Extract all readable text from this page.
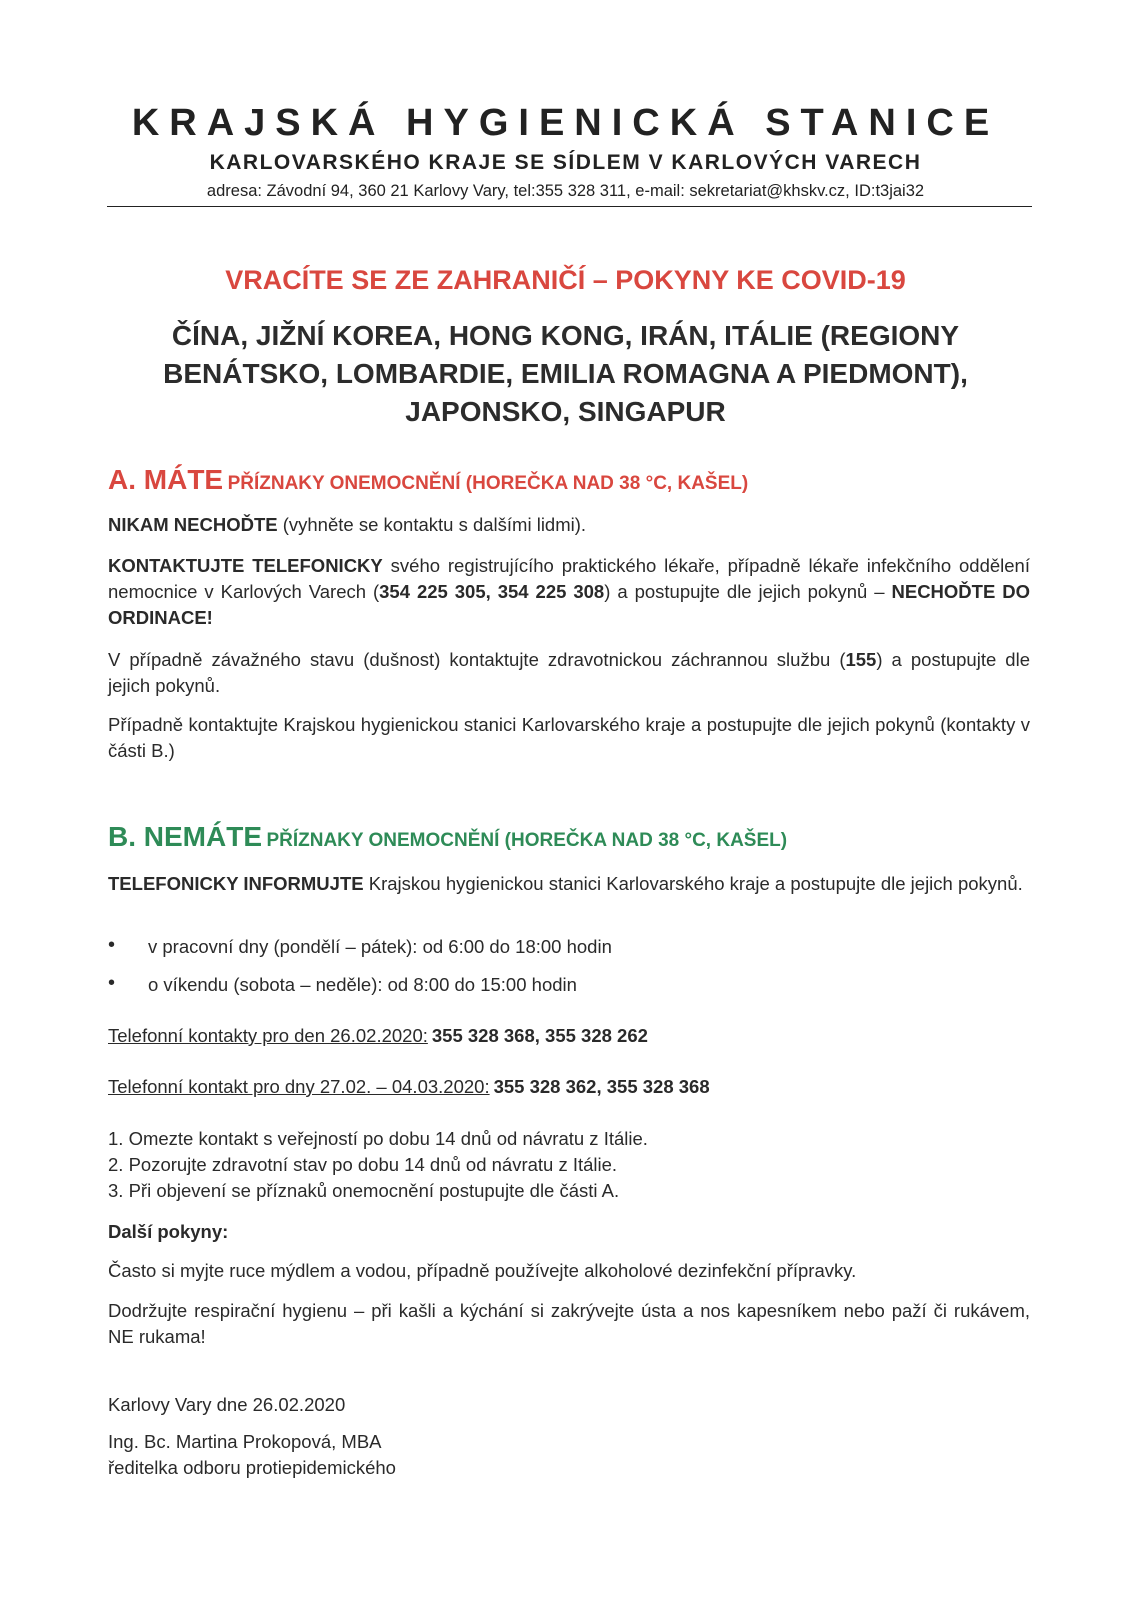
KRAJSKÁ HYGIENICKÁ STANICE
KARLOVARSKÉHO KRAJE SE SÍDLEM V KARLOVÝCH VARECH
adresa: Závodní 94, 360 21 Karlovy Vary, tel:355 328 311, e-mail: sekretariat@khskv.cz, ID:t3jai32
VRACÍTE SE ZE ZAHRANIČÍ – POKYNY KE COVID-19
ČÍNA, JIŽNÍ KOREA, HONG KONG, IRÁN, ITÁLIE (REGIONY
BENÁTSKO, LOMBARDIE, EMILIA ROMAGNA A PIEDMONT),
JAPONSKO, SINGAPUR
A. MÁTE PŘÍZNAKY ONEMOCNĚNÍ (HOREČKA NAD 38 °C, KAŠEL)
NIKAM NECHOĎTE (vyhněte se kontaktu s dalšími lidmi).
KONTAKTUJTE TELEFONICKY svého registrujícího praktického lékaře, případně lékaře infekčního oddělení nemocnice v Karlových Varech (354 225 305, 354 225 308) a postupujte dle jejich pokynů – NECHOĎTE DO ORDINACE!
V případně závažného stavu (dušnost) kontaktujte zdravotnickou záchrannou službu (155) a postupujte dle jejich pokynů.
Případně kontaktujte Krajskou hygienickou stanici Karlovarského kraje a postupujte dle jejich pokynů (kontakty v části B.)
B. NEMÁTE PŘÍZNAKY ONEMOCNĚNÍ (HOREČKA NAD 38 °C, KAŠEL)
TELEFONICKY INFORMUJTE Krajskou hygienickou stanici Karlovarského kraje a postupujte dle jejich pokynů.
• v pracovní dny (pondělí – pátek): od 6:00 do 18:00 hodin
• o víkendu (sobota – neděle): od 8:00 do 15:00 hodin
Telefonní kontakty pro den 26.02.2020: 355 328 368, 355 328 262
Telefonní kontakt pro dny 27.02. – 04.03.2020: 355 328 362, 355 328 368
1. Omezte kontakt s veřejností po dobu 14 dnů od návratu z Itálie.
2. Pozorujte zdravotní stav po dobu 14 dnů od návratu z Itálie.
3. Při objevení se příznaků onemocnění postupujte dle části A.
Další pokyny:
Často si myjte ruce mýdlem a vodou, případně používejte alkoholové dezinfekční přípravky.
Dodržujte respirační hygienu – při kašli a kýchání si zakrývejte ústa a nos kapesníkem nebo paží či rukávem, NE rukama!
Karlovy Vary dne 26.02.2020
Ing. Bc. Martina Prokopová, MBA
ředitelka odboru protiepidemického
